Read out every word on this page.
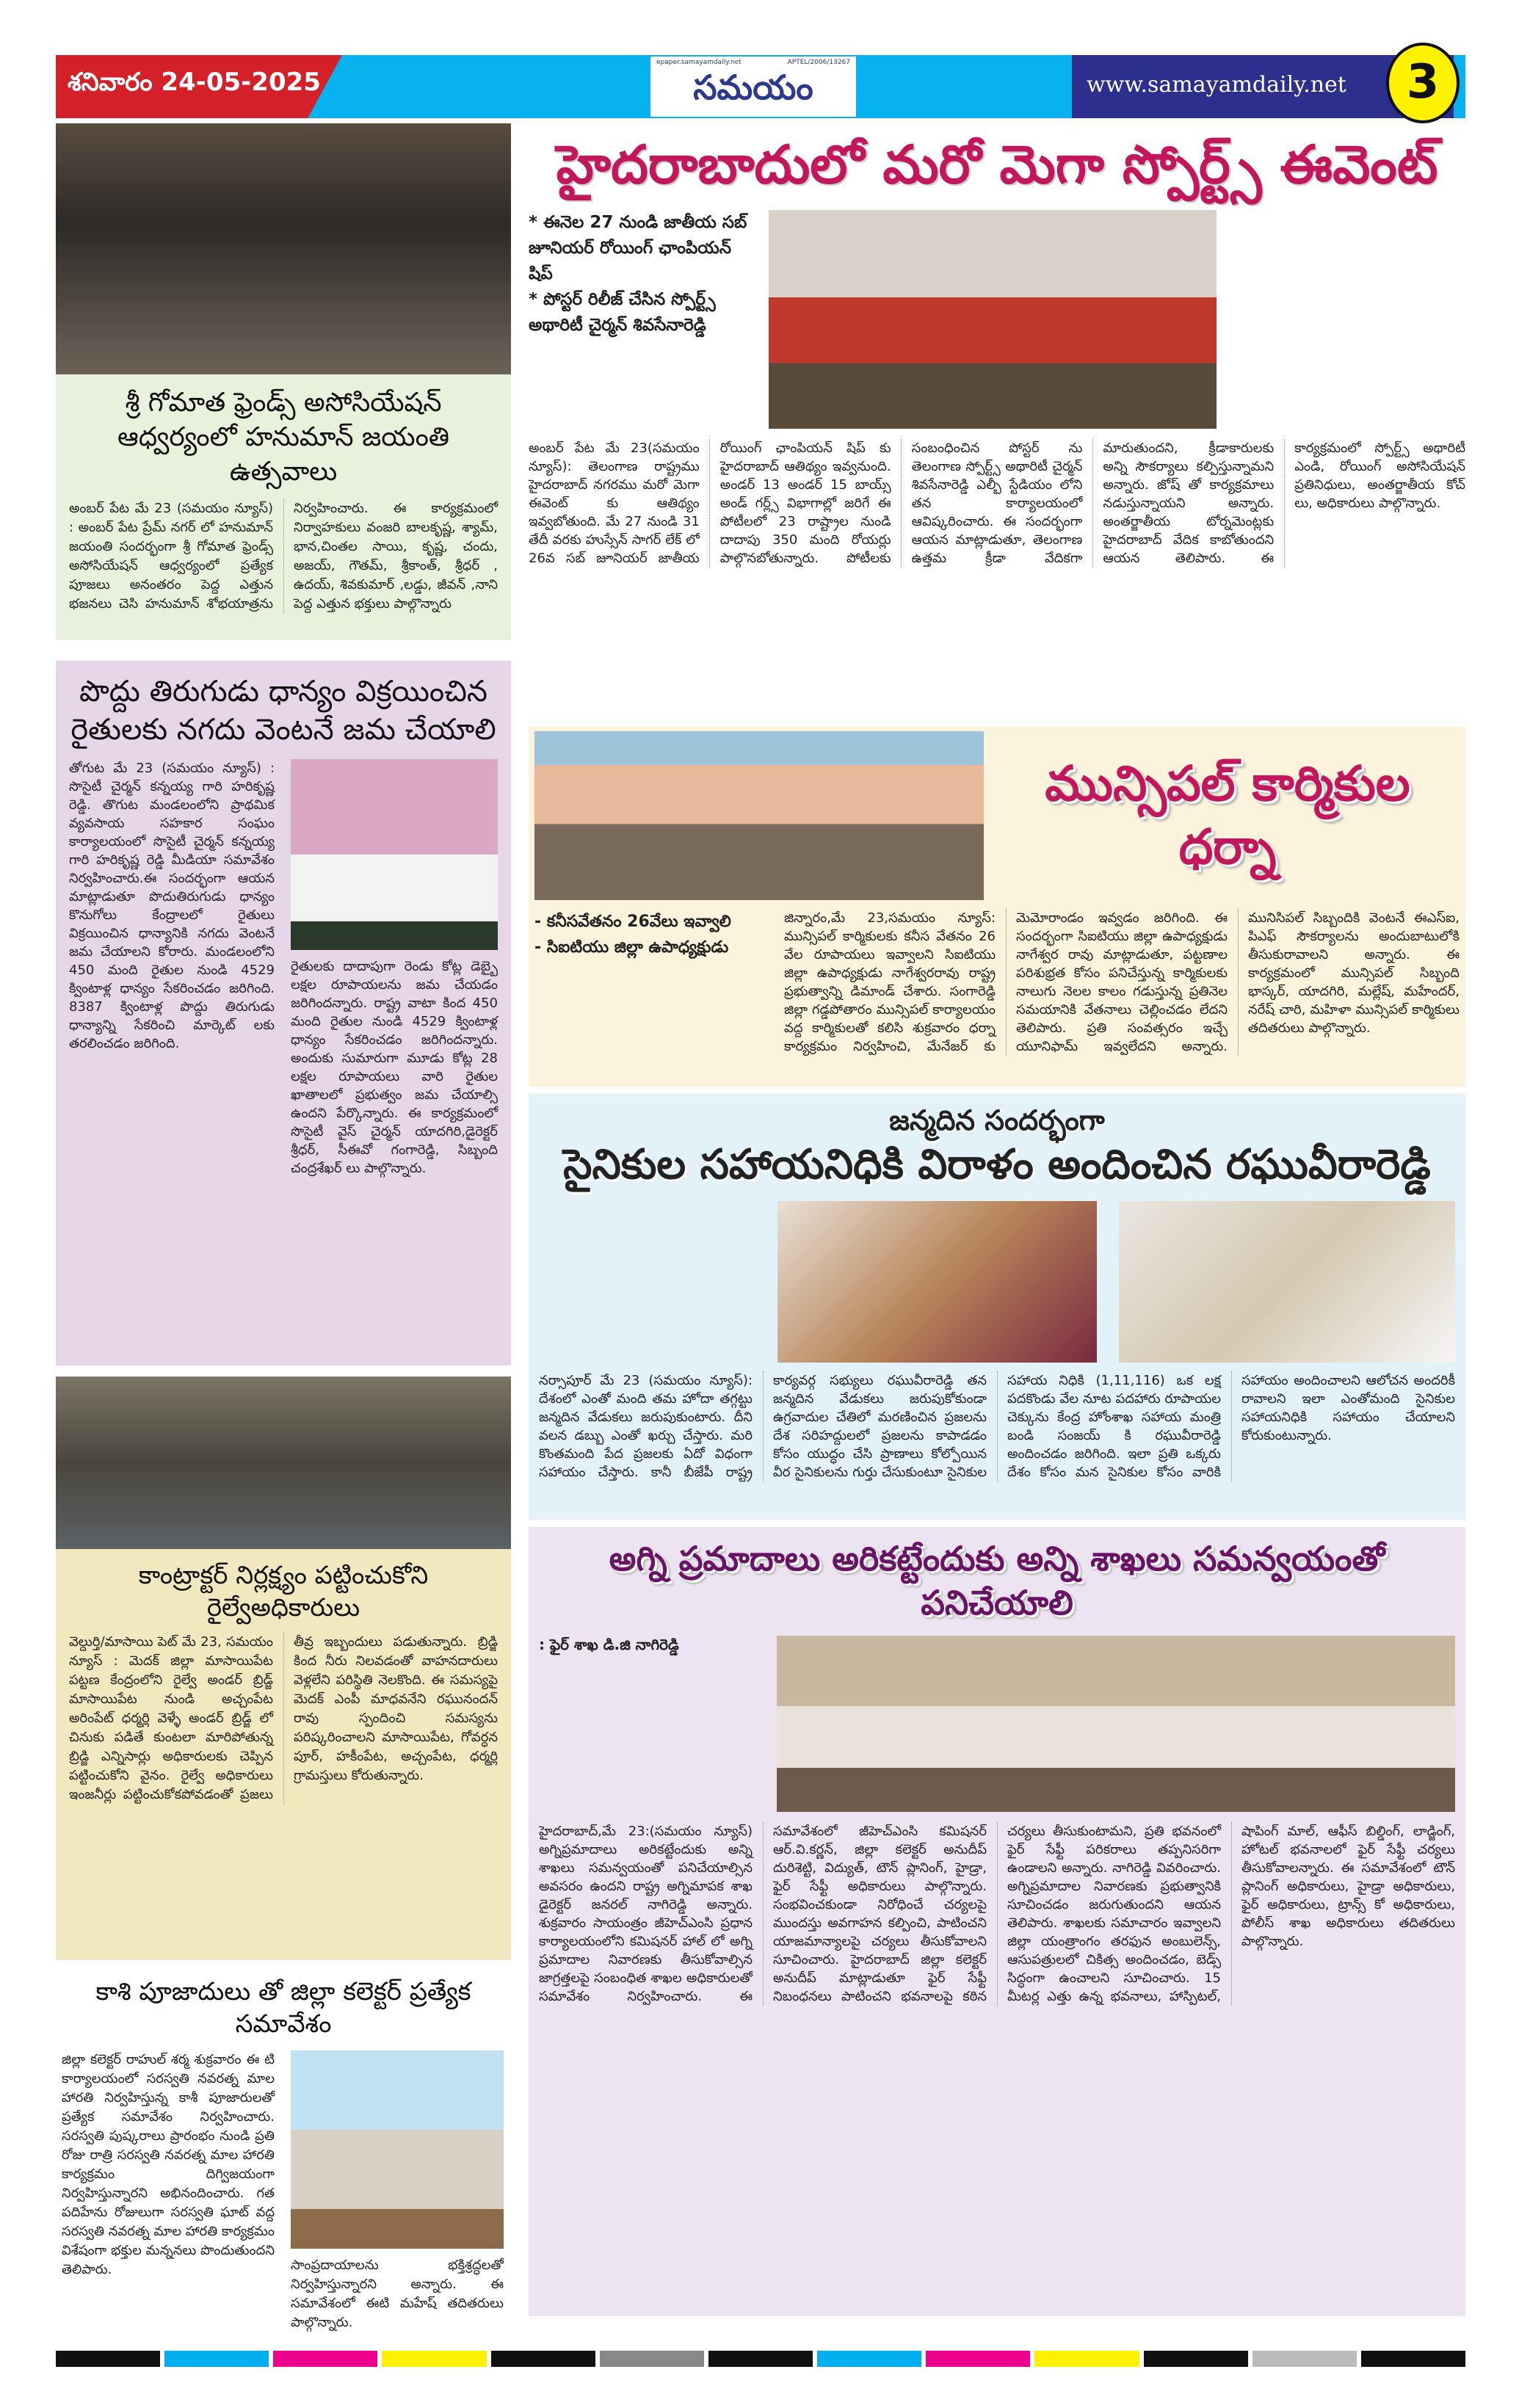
శనివారం 24-05-2025
epaper.samayamdaily.net	APTEL/2006/13267
సమయం	www.samayamdaily.net	3
శ్రీ గోమాత ఫ్రెండ్స్ అసోసియేషన్ ఆధ్వర్యంలో హనుమాన్ జయంతి ఉత్సవాలు
అంబర్ పేట మే 23 (సమయం న్యూస్) : అంబర్ పేట ప్రేమ్ నగర్ లో హనుమాన్ జయంతి సందర్భంగా శ్రీ గోమాత ఫ్రెండ్స్ అసోసియేషన్ ఆధ్వర్యంలో ప్రత్యేక పూజలు అనంతరం పెద్ద ఎత్తున భజనలు చెసి హనుమాన్ శోభయాత్రను నిర్వహించారు. ఈ కార్యక్రమంలో నిర్వాహకులు వంజరి బాలకృష్ణ, శ్యామ్, భాన,చింతల సాయి, కృష్ణ, చందు, అజయ్, గౌతమ్, శ్రీకాంత్, శ్రీధర్ , ఉదయ్, శివకుమార్ ,లడ్డు, జీవన్ ,నాని పెద్ద ఎత్తున భక్తులు పాల్గొన్నారు
పొద్దు తిరుగుడు ధాన్యం విక్రయించిన రైతులకు నగదు వెంటనే జమ చేయాలి
తోగుట మే 23 (సమయం న్యూస్) : సొసైటీ చైర్మన్ కన్నయ్య గారి హరికృష్ణ రెడ్డి. తొగుట మండలంలోని ప్రాథమిక వ్యవసాయ సహకార సంఘం కార్యాలయంలో సొసైటీ చైర్మన్ కన్నయ్య గారి హరికృష్ణ రెడ్డి మీడియా సమావేశం నిర్వహించారు.ఈ సందర్భంగా ఆయన మాట్లాడుతూ పొదుతిరుగుడు ధాన్యం కొనుగోలు కేంద్రాలలో రైతులు విక్రయించిన ధాన్యానికి నగదు వెంటనే జమ చేయాలని కోరారు. మండలంలోని 450 మంది రైతుల నుండి 4529 క్వింటాళ్ల ధాన్యం సేకరించడం జరిగింది. 8387 క్వింటాళ్ల పొద్దు తిరుగుడు ధాన్యాన్ని సేకరించి మార్కెట్ లకు తరలించడం జరిగింది.
రైతులకు దాదాపుగా రెండు కోట్ల డెబ్బై లక్షల రూపాయలను జమ చేయడం జరిగిందన్నారు. రాష్ట్ర వాటా కింద 450 మంది రైతుల నుండి 4529 క్వింటాళ్ల ధాన్యం సేకరించడం జరిగిందన్నారు. అందుకు సుమారుగా మూడు కోట్ల 28 లక్షల రూపాయలు వారి రైతుల ఖాతాలలో ప్రభుత్వం జమ చేయాల్సి ఉందని పేర్కొన్నారు. ఈ కార్యక్రమంలో సొసైటీ వైస్ చైర్మన్ యాదగిరి,డైరెక్టర్ శ్రీధర్, సీఈవో గంగారెడ్డి, సిబ్బంది చంద్రశేఖర్ లు పాల్గొన్నారు.
కాంట్రాక్టర్ నిర్లక్ష్యం పట్టించుకోని రైల్వేఅధికారులు
వెల్దుర్తి/మాసాయి పెట్ మే 23, సమయం న్యూస్ : మెదక్ జిల్లా మాసాయిపేట పట్టణ కేంద్రంలోని రైల్వే అండర్ బ్రిడ్జ్ మాసాయిపేట నుండి అచ్చంపేట అరింపేట్ ధర్మర్లి వెళ్ళే అండర్ బ్రిడ్జ్ లో చినుకు పడితే కుంటలా మారిపోతున్న బ్రిడ్జి ఎన్నిసార్లు అధికారులకు చెప్పిన పట్టించుకోని వైనం. రైల్వే అధికారులు ఇంజనీర్లు పట్టించుకోకపోవడంతో ప్రజలు తీవ్ర ఇబ్బందులు పడుతున్నారు. బ్రిడ్జి కింద నీరు నిలవడంతో వాహనదారులు వెళ్లలేని పరిస్థితి నెలకొంది. ఈ సమస్యపై మెదక్ ఎంపీ మాధవనేని రఘునందన్ రావు స్పందించి సమస్యను పరిష్కరించాలని మాసాయిపేట, గోవర్ధన పూర్, హకీంపేట, అచ్చంపేట, ధర్మర్లి గ్రామస్తులు కోరుతున్నారు.
కాశి పూజాదులు తో జిల్లా కలెక్టర్ ప్రత్యేక సమావేశం
జిల్లా కలెక్టర్ రాహుల్ శర్మ శుక్రవారం ఈ టి కార్యాలయంలో సరస్వతి నవరత్న మాల హారతి నిర్వహిస్తున్న కాశీ పూజారులతో ప్రత్యేక సమావేశం నిర్వహించారు. సరస్వతి పుష్కరాలు ప్రారంభం నుండి ప్రతి రోజు రాత్రి సరస్వతి నవరత్న మాల హారతి కార్యక్రమం దిగ్విజయంగా నిర్వహిస్తున్నారని అభినందించారు. గత పదిహేను రోజులుగా సరస్వతి ఘాట్ వద్ద సరస్వతి నవరత్న మాల హారతి కార్యక్రమం విశేషంగా భక్తుల మన్ననలు పొందుతుందని తెలిపారు.	సాంప్రదాయాలను భక్తిశ్రద్ధలతో నిర్వహిస్తున్నారని అన్నారు. ఈ సమావేశంలో ఈటి మహేష్ తదితరులు పాల్గొన్నారు.
హైదరాబాదులో మరో మెగా స్పోర్ట్స్ ఈవెంట్
* ఈనెల 27 నుండి జాతీయ సబ్ జూనియర్ రోయింగ్ ఛాంపియన్ షిప్
* పోస్టర్ రిలీజ్ చేసిన స్పోర్ట్స్ అథారిటీ చైర్మన్ శివసేనారెడ్డి
అంబర్ పేట మే 23(సమయం న్యూస్): తెలంగాణ రాష్ట్రము హైదరాబాద్ నగరము మరో మెగా ఈవెంట్ కు ఆతిథ్యం ఇవ్వబోతుంది. మే 27 నుండి 31 తేదీ వరకు హుస్సేన్ సాగర్ లేక్ లో 26వ సబ్ జూనియర్ జాతీయ రోయింగ్ ఛాంపియన్ షిప్ కు హైదరాబాద్ ఆతిథ్యం ఇవ్వనుంది. అండర్ 13 అండర్ 15 బాయ్స్ అండ్ గర్ల్స్ విభాగాల్లో జరిగే ఈ పోటీలలో 23 రాష్ట్రాల నుండి దాదాపు 350 మంది రోయర్లు పాల్గొనబోతున్నారు. పోటీలకు సంబంధించిన పోస్టర్ ను తెలంగాణ స్పోర్ట్స్ అథారిటీ చైర్మన్ శివసేనారెడ్డి ఎల్బీ స్టేడియం లోని తన కార్యాలయంలో ఆవిష్కరించారు. ఈ సందర్భంగా ఆయన మాట్లాడుతూ, తెలంగాణ ఉత్తమ క్రీడా వేదికగా మారుతుందని, క్రీడాకారులకు అన్ని సౌకర్యాలు కల్పిస్తున్నామని అన్నారు. జోష్ తో కార్యక్రమాలు నడుస్తున్నాయని అన్నారు. అంతర్జాతీయ టోర్నమెంట్లకు హైదరాబాద్ వేదిక కాబోతుందని ఆయన తెలిపారు. ఈ కార్యక్రమంలో స్పోర్ట్స్ అథారిటీ ఎండి, రోయింగ్ అసోసియేషన్ ప్రతినిధులు, అంతర్జాతీయ కోచ్ లు, అధికారులు పాల్గొన్నారు.
మున్సిపల్ కార్మికుల ధర్నా
- కనీసవేతనం 26వేలు ఇవ్వాలి
- సిఐటియు జిల్లా ఉపాధ్యక్షుడు
జిన్నారం,మే 23,సమయం న్యూస్: మున్సిపల్ కార్మికులకు కనీస వేతనం 26 వేల రూపాయలు ఇవ్వాలని సిఐటియు జిల్లా ఉపాధ్యక్షుడు నాగేశ్వరరావు రాష్ట్ర ప్రభుత్వాన్ని డిమాండ్ చేశారు. సంగారెడ్డి జిల్లా గడ్డపోతారం మున్సిపల్ కార్యాలయం వద్ద కార్మికులతో కలిసి శుక్రవారం ధర్నా కార్యక్రమం నిర్వహించి, మేనేజర్ కు మెమోరాండం ఇవ్వడం జరిగింది. ఈ సందర్భంగా సిఐటియు జిల్లా ఉపాధ్యక్షుడు నాగేశ్వర రావు మాట్లాడుతూ, పట్టణాల పరిశుభ్రత కోసం పనిచేస్తున్న కార్మికులకు నాలుగు నెలల కాలం గడుస్తున్న ప్రతినెల సమయానికి వేతనాలు చెల్లించడం లేదని తెలిపారు. ప్రతి సంవత్సరం ఇచ్చే యూనిఫామ్ ఇవ్వలేదని అన్నారు. మునిసిపల్ సిబ్బందికి వెంటనే ఈఎస్ఐ, పిఎఫ్ సౌకర్యాలను అందుబాటులోకి తీసుకురావాలని అన్నారు. ఈ కార్యక్రమంలో మున్సిపల్ సిబ్బంది భాస్కర్, యాదగిరి, మల్లేష్, మహేందర్, నరేష్ చారి, మహిళా మున్సిపల్ కార్మికులు తదితరులు పాల్గొన్నారు.
జన్మదిన సందర్భంగా
సైనికుల సహాయనిధికి విరాళం అందించిన రఘువీరారెడ్డి
నర్సాపూర్ మే 23 (సమయం న్యూస్): దేశంలో ఎంతో మంది తమ హోదా తగ్గట్టు జన్మదిన వేడుకలు జరుపుకుంటారు. దీని వలన డబ్బు ఎంతో ఖర్చు చేస్తారు. మరి కొంతమంది పేద ప్రజలకు ఏదో విధంగా సహాయం చేస్తారు. కానీ బీజేపీ రాష్ట్ర కార్యవర్గ సభ్యులు రఘువీరారెడ్డి తన జన్మదిన వేడుకలు జరుపుకోకుండా ఉగ్రవాదుల చేతిలో మరణించిన ప్రజలను దేశ సరిహద్దులలో ప్రజలను కాపాడడం కోసం యుద్ధం చేసి ప్రాణాలు కోల్పోయిన వీర సైనికులను గుర్తు చేసుకుంటూ సైనికుల సహాయ నిధికి (1,11,116) ఒక లక్ష పదకొండు వేల నూట పదహారు రూపాయల చెక్కును కేంద్ర హోంశాఖ సహాయ మంత్రి బండి సంజయ్ కి రఘువీరారెడ్డి అందించడం జరిగింది. ఇలా ప్రతి ఒక్కరు దేశం కోసం మన సైనికుల కోసం వారికి సహాయం అందించాలని ఆలోచన అందరికీ రావాలని ఇలా ఎంతోమంది సైనికుల సహాయనిధికి సహాయం చేయాలని కోరుకుంటున్నారు.
అగ్ని ప్రమాదాలు అరికట్టేందుకు అన్ని శాఖలు సమన్వయంతో పనిచేయాలి
: ఫైర్ శాఖ డి.జి నాగిరెడ్డి
హైదరాబాద్,మే 23:(సమయం న్యూస్) అగ్నిప్రమాదాలు అరికట్టేందుకు అన్ని శాఖలు సమన్వయంతో పనిచేయాల్సిన అవసరం ఉందని రాష్ట్ర అగ్నిమాపక శాఖ డైరెక్టర్ జనరల్ నాగిరెడ్డి అన్నారు. శుక్రవారం సాయంత్రం జీహెచ్ఎంసి ప్రధాన కార్యాలయంలోని కమిషనర్ హాల్ లో అగ్ని ప్రమాదాల నివారణకు తీసుకోవాల్సిన జాగ్రత్తలపై సంబంధిత శాఖల అధికారులతో సమావేశం నిర్వహించారు. ఈ సమావేశంలో జీహెచ్ఎంసి కమిషనర్ ఆర్.వి.కర్ణన్, జిల్లా కలెక్టర్ అనుదీప్ దురిశెట్టి, విద్యుత్, టౌన్ ప్లానింగ్, హైడ్రా, ఫైర్ సేఫ్టీ అధికారులు పాల్గొన్నారు. సంభవించకుండా నిరోధించే చర్యలపై ముందస్తు అవగాహన కల్పించి, పాటించని యాజమాన్యాలపై చర్యలు తీసుకోవాలని సూచించారు. హైదరాబాద్ జిల్లా కలెక్టర్ అనుదీప్ మాట్లాడుతూ ఫైర్ సేఫ్టీ నిబంధనలు పాటించని భవనాలపై కఠిన చర్యలు తీసుకుంటామని, ప్రతి భవనంలో ఫైర్ సేఫ్టీ పరికరాలు తప్పనిసరిగా ఉండాలని అన్నారు. నాగిరెడ్డి వివరించారు. అగ్నిప్రమాదాల నివారణకు ప్రభుత్వానికి సూచించడం జరుగుతుందని ఆయన తెలిపారు. శాఖలకు సమాచారం ఇవ్వాలని జిల్లా యంత్రాంగం తరఫున అంబులెన్స్, ఆసుపత్రులలో చికిత్స అందించడం, బెడ్స్ సిద్ధంగా ఉంచాలని సూచించారు. 15 మీటర్ల ఎత్తు ఉన్న భవనాలు, హాస్పిటల్, షాపింగ్ మాల్, ఆఫీస్ బిల్డింగ్, లాడ్జింగ్, హోటల్ భవనాలలో ఫైర్ సేఫ్టీ చర్యలు తీసుకోవాలన్నారు. ఈ సమావేశంలో టౌన్ ప్లానింగ్ అధికారులు, హైడ్రా అధికారులు, ఫైర్ అధికారులు, ట్రాన్స్ కో అధికారులు, పోలీస్ శాఖ అధికారులు తదితరులు పాల్గొన్నారు.
